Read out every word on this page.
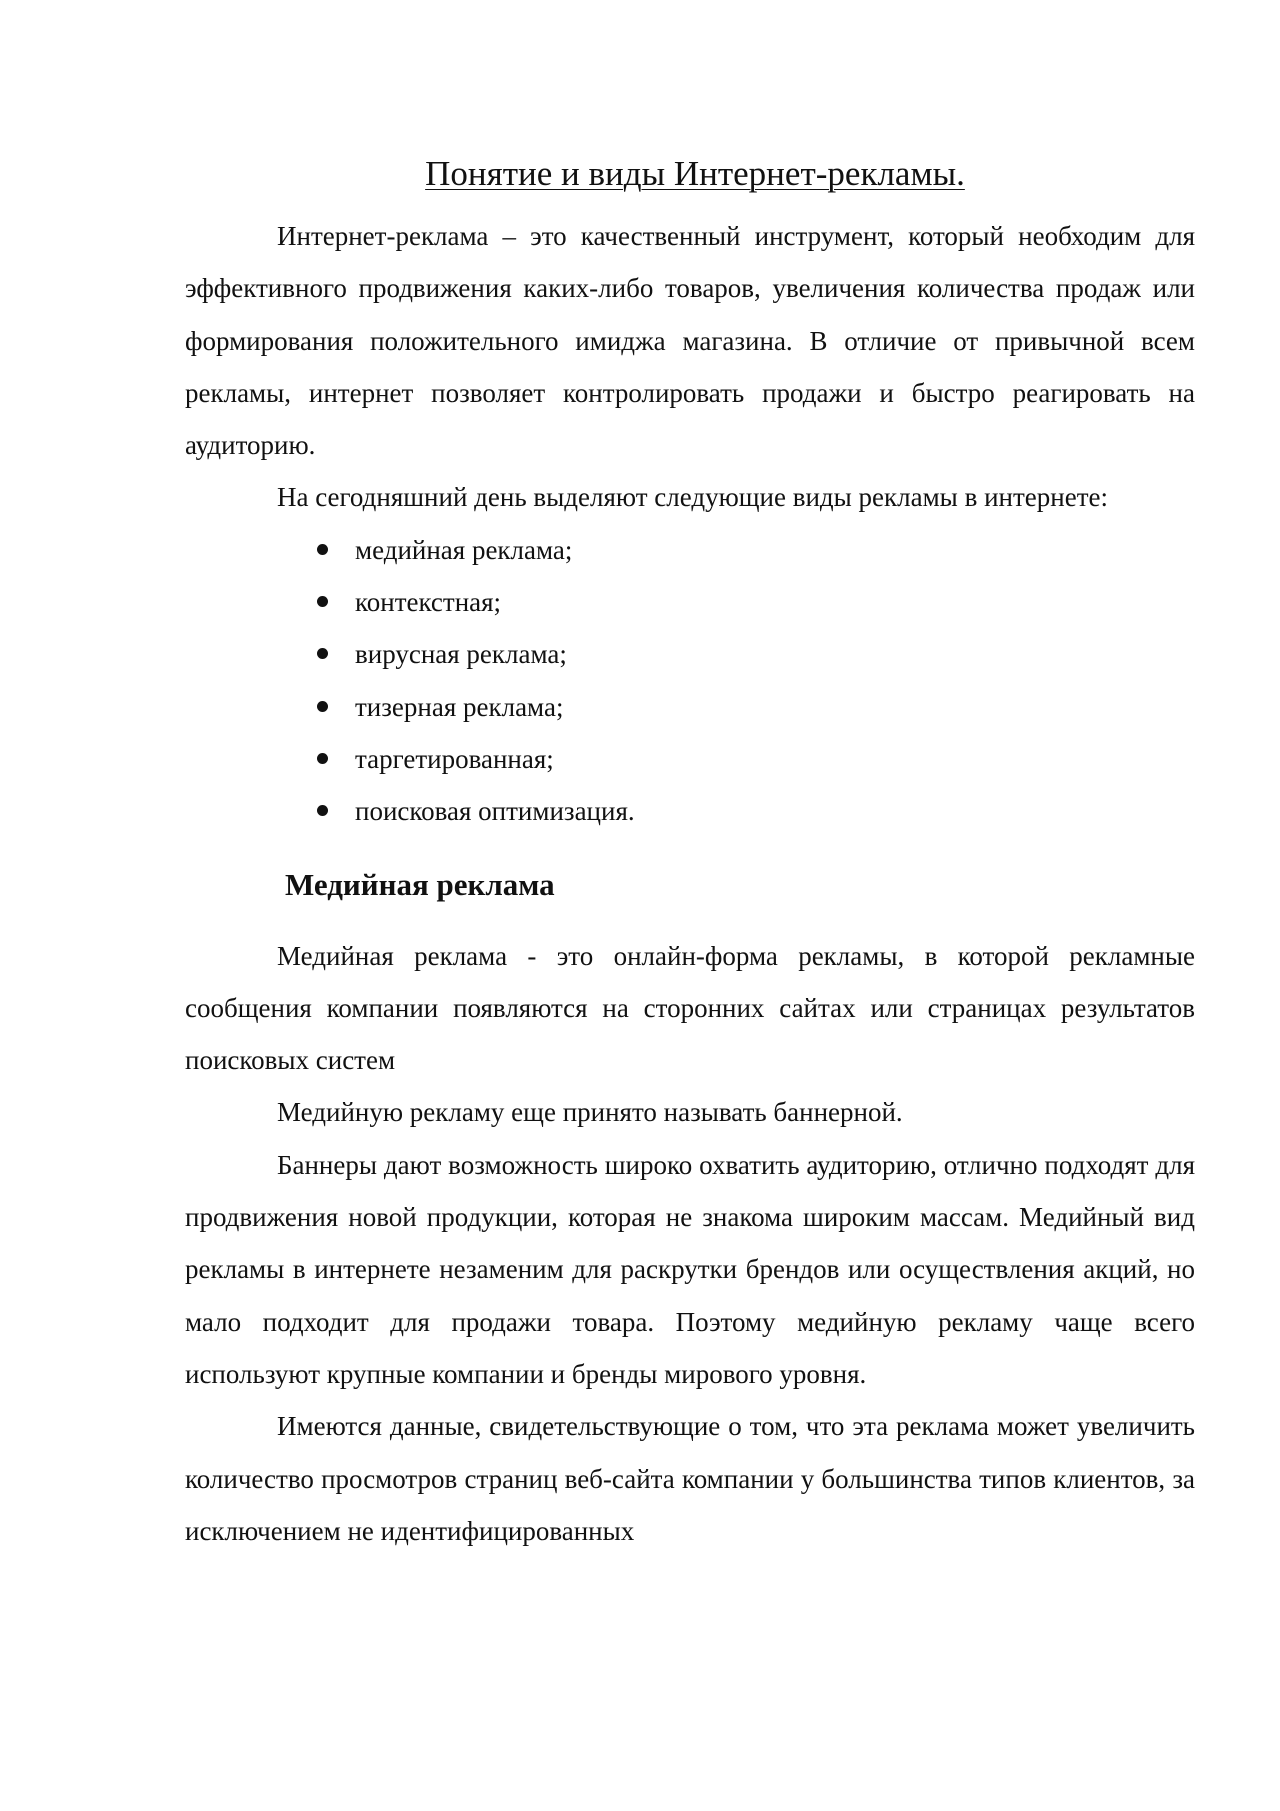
Понятие и виды Интернет-рекламы.

Интернет-реклама – это качественный инструмент, который необходим для эффективного продвижения каких-либо товаров, увеличения количества продаж или формирования положительного имиджа магазина. В отличие от привычной всем рекламы, интернет позволяет контролировать продажи и быстро реагировать на аудиторию.

На сегодняшний день выделяют следующие виды рекламы в интернете:

медийная реклама;
контекстная;
вирусная реклама;
тизерная реклама;
таргетированная;
поисковая оптимизация.
Медийная реклама

Медийная реклама - это онлайн-форма рекламы, в которой рекламные сообщения компании появляются на сторонних сайтах или страницах результатов поисковых систем

Медийную рекламу еще принято называть баннерной.

Баннеры дают возможность широко охватить аудиторию, отлично подходят для продвижения новой продукции, которая не знакома широким массам. Медийный вид рекламы в интернете незаменим для раскрутки брендов или осуществления акций, но мало подходит для продажи товара. Поэтому медийную рекламу чаще всего используют крупные компании и бренды мирового уровня.

Имеются данные, свидетельствующие о том, что эта реклама может увеличить количество просмотров страниц веб-сайта компании у большинства типов клиентов, за исключением не идентифицированных
